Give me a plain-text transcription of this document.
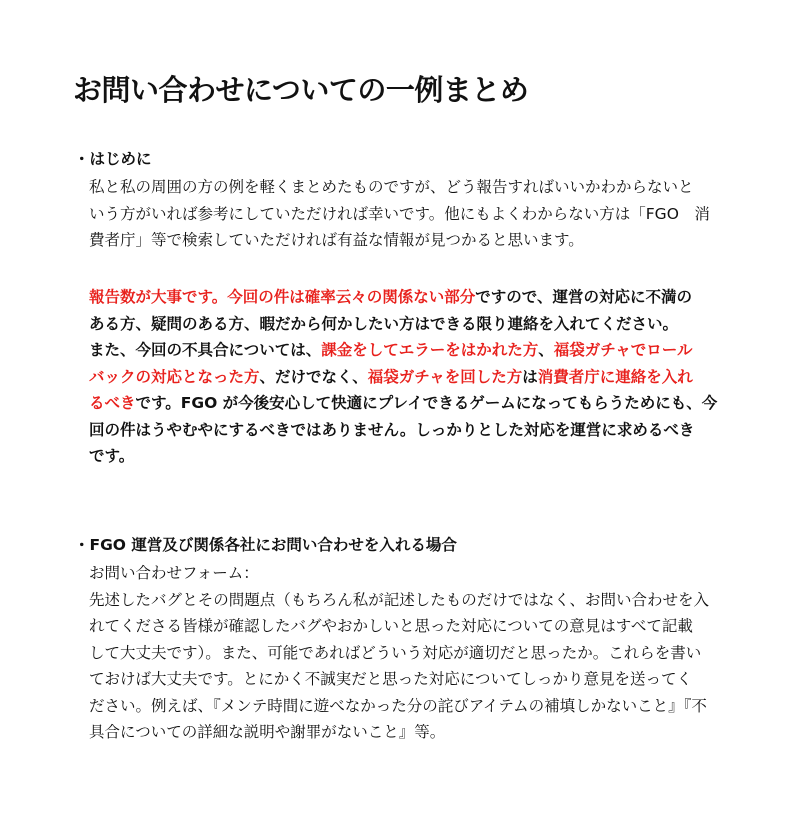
お問い合わせについての一例まとめ
・はじめに
私と私の周囲の方の例を軽くまとめたものですが、どう報告すればいいかわからないと
いう方がいれば参考にしていただければ幸いです。他にもよくわからない方は「FGO　消
費者庁」等で検索していただければ有益な情報が見つかると思います。
報告数が大事です。今回の件は確率云々の関係ない部分ですので、運営の対応に不満の
ある方、疑問のある方、暇だから何かしたい方はできる限り連絡を入れてください。
また、今回の不具合については、課金をしてエラーをはかれた方、福袋ガチャでロール
バックの対応となった方、だけでなく、福袋ガチャを回した方は消費者庁に連絡を入れ
るべきです。FGO が今後安心して快適にプレイできるゲームになってもらうためにも、今
回の件はうやむやにするべきではありません。しっかりとした対応を運営に求めるべき
です。
・FGO 運営及び関係各社にお問い合わせを入れる場合
お問い合わせフォーム：
先述したバグとその問題点（もちろん私が記述したものだけではなく、お問い合わせを入
れてくださる皆様が確認したバグやおかしいと思った対応についての意見はすべて記載
して大丈夫です）。また、可能であればどういう対応が適切だと思ったか。これらを書い
ておけば大丈夫です。とにかく不誠実だと思った対応についてしっかり意見を送ってく
ださい。例えば、『メンテ時間に遊べなかった分の詫びアイテムの補填しかないこと』『不
具合についての詳細な説明や謝罪がないこと』等。
